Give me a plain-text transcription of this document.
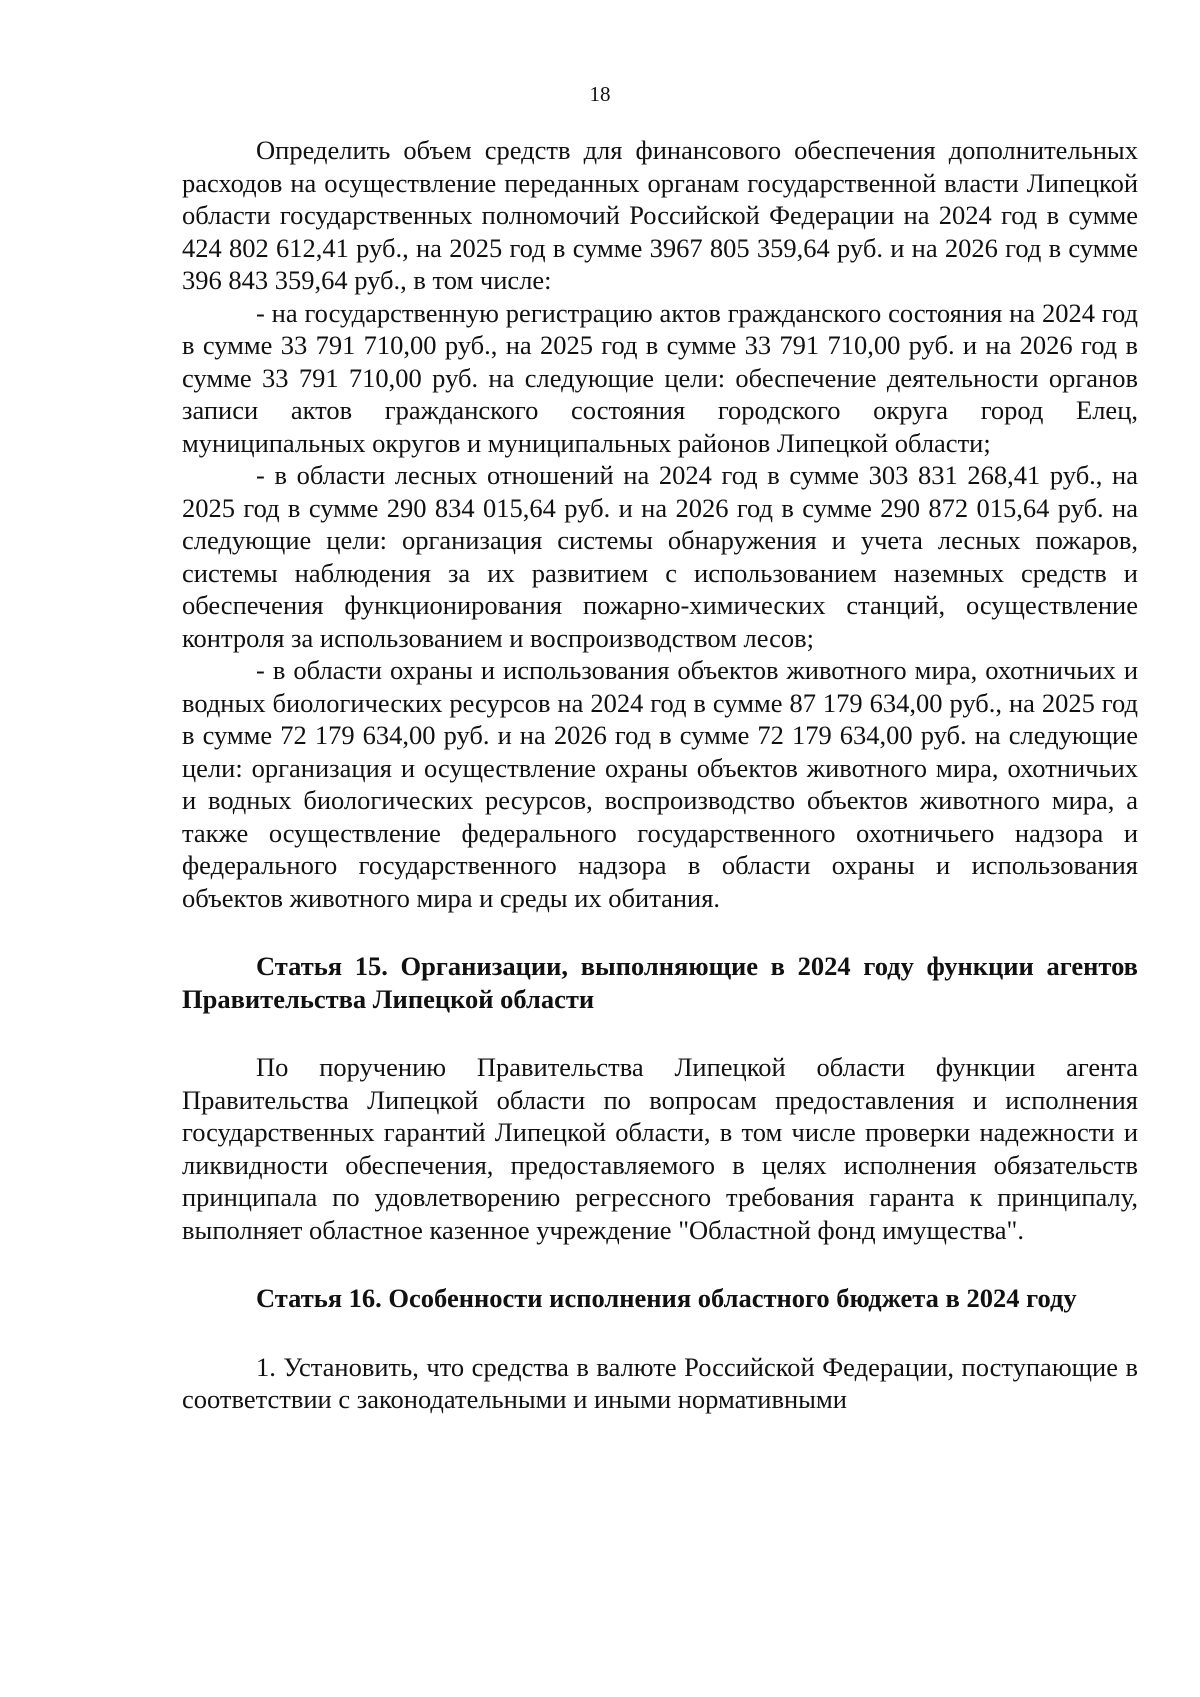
18

Определить объем средств для финансового обеспечения дополнительных расходов на осуществление переданных органам государственной власти Липецкой области государственных полномочий Российской Федерации на 2024 год в сумме 424 802 612,41 руб., на 2025 год в сумме 3967 805 359,64 руб. и на 2026 год в сумме 396 843 359,64 руб., в том числе:

- на государственную регистрацию актов гражданского состояния на 2024 год в сумме 33 791 710,00 руб., на 2025 год в сумме 33 791 710,00 руб. и на 2026 год в сумме 33 791 710,00 руб. на следующие цели: обеспечение деятельности органов записи актов гражданского состояния городского округа город Елец, муниципальных округов и муниципальных районов Липецкой области;

- в области лесных отношений на 2024 год в сумме 303 831 268,41 руб., на 2025 год в сумме 290 834 015,64 руб. и на 2026 год в сумме 290 872 015,64 руб. на следующие цели: организация системы обнаружения и учета лесных пожаров, системы наблюдения за их развитием с использованием наземных средств и обеспечения функционирования пожарно-химических станций, осуществление контроля за использованием и воспроизводством лесов;

- в области охраны и использования объектов животного мира, охотничьих и водных биологических ресурсов на 2024 год в сумме 87 179 634,00 руб., на 2025 год в сумме 72 179 634,00 руб. и на 2026 год в сумме 72 179 634,00 руб. на следующие цели: организация и осуществление охраны объектов животного мира, охотничьих и водных биологических ресурсов, воспроизводство объектов животного мира, а также осуществление федерального государственного охотничьего надзора и федерального государственного надзора в области охраны и использования объектов животного мира и среды их обитания.

Статья 15. Организации, выполняющие в 2024 году функции агентов Правительства Липецкой области

По поручению Правительства Липецкой области функции агента Правительства Липецкой области по вопросам предоставления и исполнения государственных гарантий Липецкой области, в том числе проверки надежности и ликвидности обеспечения, предоставляемого в целях исполнения обязательств принципала по удовлетворению регрессного требования гаранта к принципалу, выполняет областное казенное учреждение "Областной фонд имущества".

Статья 16. Особенности исполнения областного бюджета в 2024 году

1. Установить, что средства в валюте Российской Федерации, поступающие в соответствии с законодательными и иными нормативными
